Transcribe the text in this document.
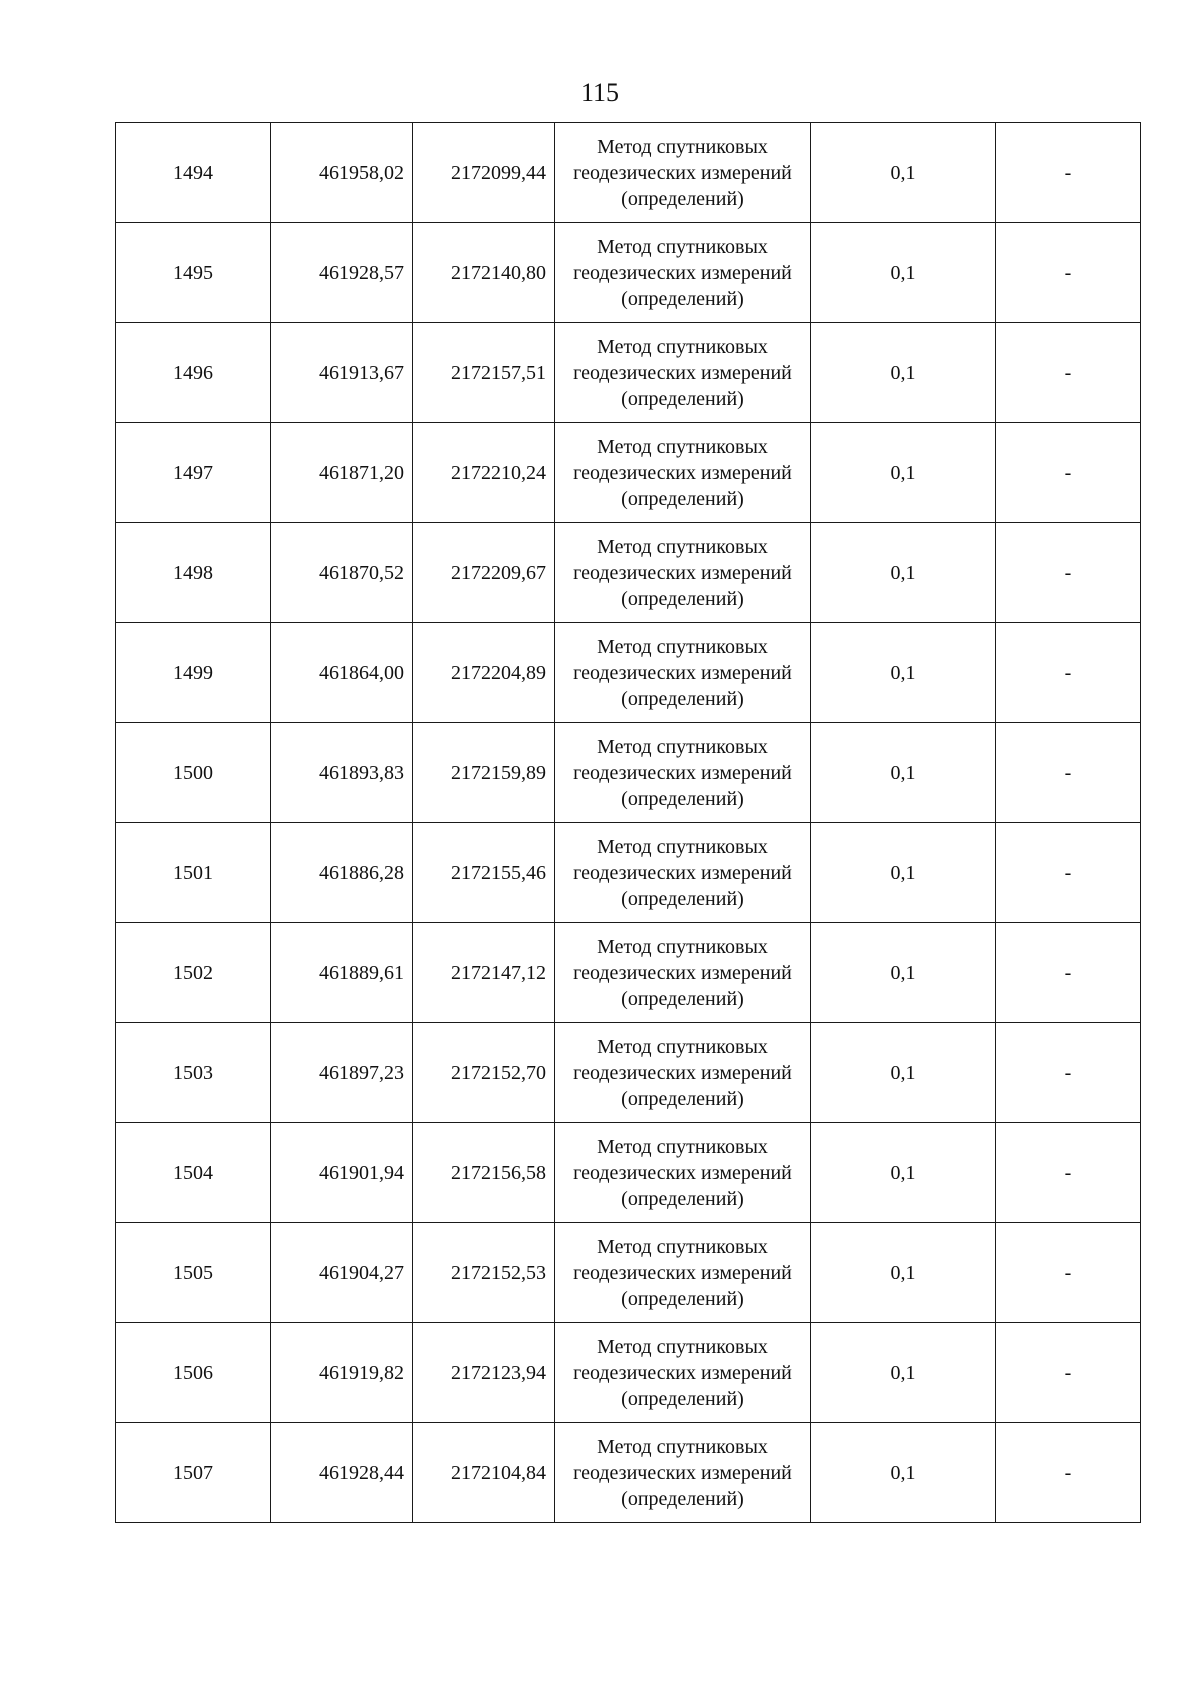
115
1494	461958,02	2172099,44	Метод спутниковых
геодезических измерений
(определений)	0,1	-
1495	461928,57	2172140,80	Метод спутниковых
геодезических измерений
(определений)	0,1	-
1496	461913,67	2172157,51	Метод спутниковых
геодезических измерений
(определений)	0,1	-
1497	461871,20	2172210,24	Метод спутниковых
геодезических измерений
(определений)	0,1	-
1498	461870,52	2172209,67	Метод спутниковых
геодезических измерений
(определений)	0,1	-
1499	461864,00	2172204,89	Метод спутниковых
геодезических измерений
(определений)	0,1	-
1500	461893,83	2172159,89	Метод спутниковых
геодезических измерений
(определений)	0,1	-
1501	461886,28	2172155,46	Метод спутниковых
геодезических измерений
(определений)	0,1	-
1502	461889,61	2172147,12	Метод спутниковых
геодезических измерений
(определений)	0,1	-
1503	461897,23	2172152,70	Метод спутниковых
геодезических измерений
(определений)	0,1	-
1504	461901,94	2172156,58	Метод спутниковых
геодезических измерений
(определений)	0,1	-
1505	461904,27	2172152,53	Метод спутниковых
геодезических измерений
(определений)	0,1	-
1506	461919,82	2172123,94	Метод спутниковых
геодезических измерений
(определений)	0,1	-
1507	461928,44	2172104,84	Метод спутниковых
геодезических измерений
(определений)	0,1	-
